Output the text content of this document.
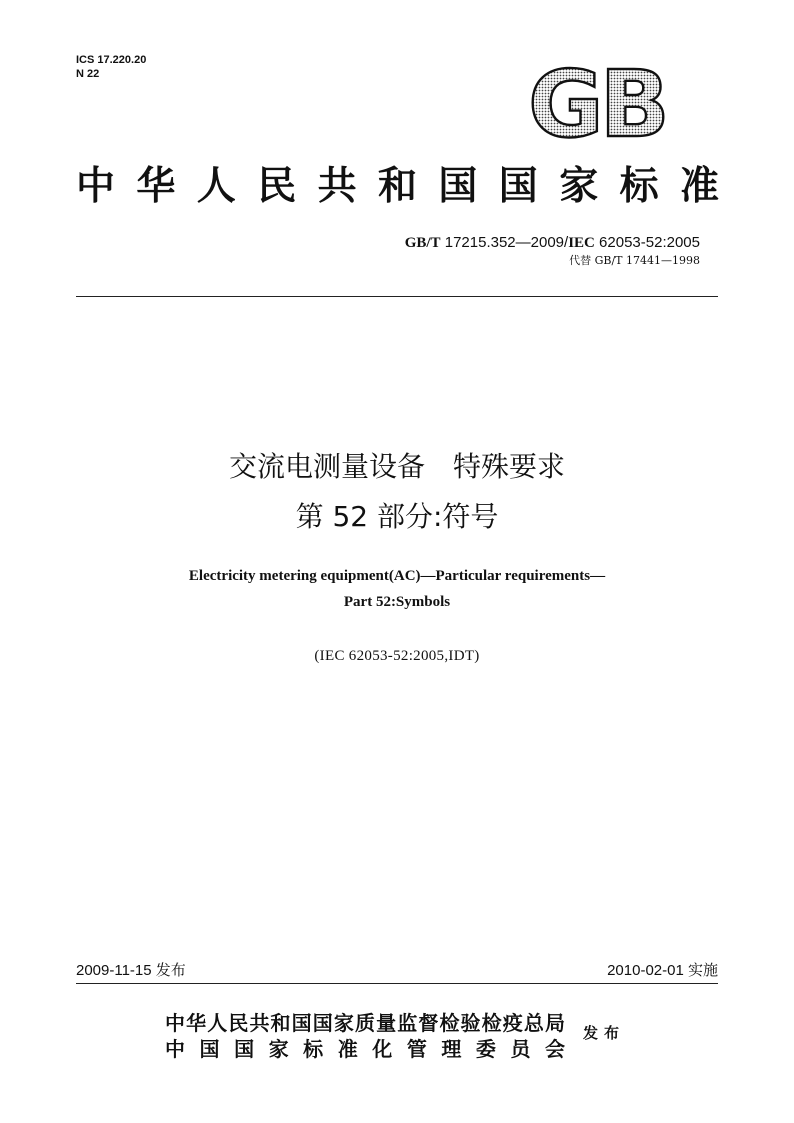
ICS 17.220.20
N 22	GB
中华人民共和国国家标准
GB/T 17215.352—2009/IEC 62053-52:2005
代替 GB/T 17441—1998
交流电测量设备　特殊要求
第 52 部分:符号
Electricity metering equipment(AC)—Particular requirements—
Part 52:Symbols
(IEC 62053-52:2005,IDT)
2009-11-15 发布	2010-02-01 实施
中华人民共和国国家质量监督检验检疫总局
中国国家标准化管理委员会
发布
